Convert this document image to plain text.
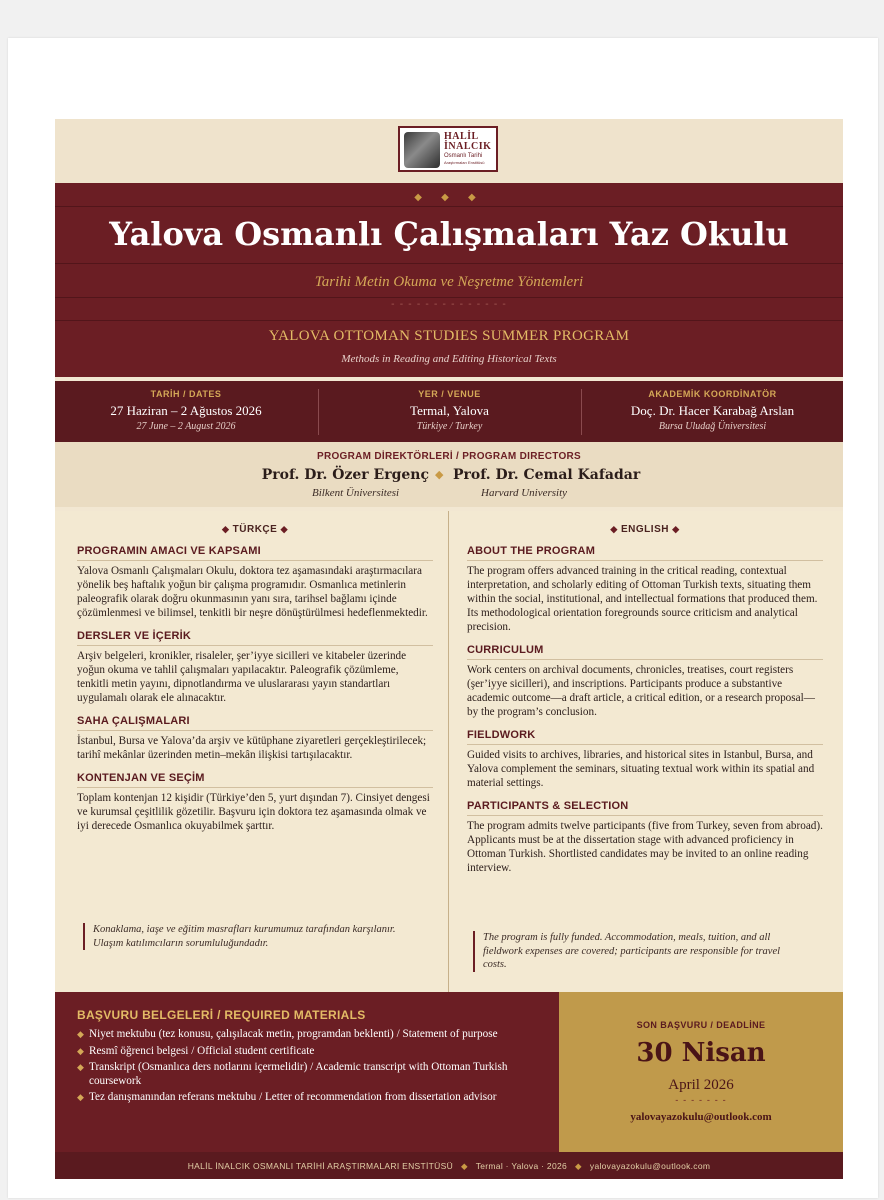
HALİL
İNALCIK
Osmanlı Tarihi
Araştırmaları Enstitüsü
◆ ◆ ◆
Yalova Osmanlı Çalışmaları Yaz Okulu
Tarihi Metin Okuma ve Neşretme Yöntemleri
- - - - - - - - - - - - - -
YALOVA OTTOMAN STUDIES SUMMER PROGRAM
Methods in Reading and Editing Historical Texts
TARİH / DATES
27 Haziran – 2 Ağustos 2026
27 June – 2 August 2026
YER / VENUE
Termal, Yalova
Türkiye / Turkey
AKADEMİK KOORDİNATÖR
Doç. Dr. Hacer Karabağ Arslan
Bursa Uludağ Üniversitesi
PROGRAM DİREKTÖRLERİ / PROGRAM DIRECTORS
Prof. Dr. Özer Ergenç ◆ Prof. Dr. Cemal Kafadar
Bilkent Üniversitesi	Harvard University
◆ TÜRKÇE ◆
PROGRAMIN AMACI VE KAPSAMI
Yalova Osmanlı Çalışmaları Okulu, doktora tez aşamasındaki araştırmacılara yönelik beş haftalık yoğun bir çalışma programıdır. Osmanlıca metinlerin paleografik olarak doğru okunmasının yanı sıra, tarihsel bağlamı içinde çözümlenmesi ve bilimsel, tenkitli bir neşre dönüştürülmesi hedeflenmektedir.
DERSLER VE İÇERİK
Arşiv belgeleri, kronikler, risaleler, şer’iyye sicilleri ve kitabeler üzerinde yoğun okuma ve tahlil çalışmaları yapılacaktır. Paleografik çözümleme, tenkitli metin yayını, dipnotlandırma ve uluslararası yayın standartları uygulamalı olarak ele alınacaktır.
SAHA ÇALIŞMALARI
İstanbul, Bursa ve Yalova’da arşiv ve kütüphane ziyaretleri gerçekleştirilecek; tarihî mekânlar üzerinden metin–mekân ilişkisi tartışılacaktır.
KONTENJAN VE SEÇİM
Toplam kontenjan 12 kişidir (Türkiye’den 5, yurt dışından 7). Cinsiyet dengesi ve kurumsal çeşitlilik gözetilir. Başvuru için doktora tez aşamasında olmak ve iyi derecede Osmanlıca okuyabilmek şarttır.
Konaklama, iaşe ve eğitim masrafları kurumumuz tarafından karşılanır. Ulaşım katılımcıların sorumluluğundadır.
◆ ENGLISH ◆
ABOUT THE PROGRAM
The program offers advanced training in the critical reading, contextual interpretation, and scholarly editing of Ottoman Turkish texts, situating them within the social, institutional, and intellectual formations that produced them. Its methodological orientation foregrounds source criticism and analytical precision.
CURRICULUM
Work centers on archival documents, chronicles, treatises, court registers (şer’iyye sicilleri), and inscriptions. Participants produce a substantive academic outcome—a draft article, a critical edition, or a research proposal—by the program’s conclusion.
FIELDWORK
Guided visits to archives, libraries, and historical sites in Istanbul, Bursa, and Yalova complement the seminars, situating textual work within its spatial and material settings.
PARTICIPANTS & SELECTION
The program admits twelve participants (five from Turkey, seven from abroad). Applicants must be at the dissertation stage with advanced proficiency in Ottoman Turkish. Shortlisted candidates may be invited to an online reading interview.
The program is fully funded. Accommodation, meals, tuition, and all fieldwork expenses are covered; participants are responsible for travel costs.
BAŞVURU BELGELERİ / REQUIRED MATERIALS
◆ Niyet mektubu (tez konusu, çalışılacak metin, programdan beklenti) / Statement of purpose
◆ Resmî öğrenci belgesi / Official student certificate
◆ Transkript (Osmanlıca ders notlarını içermelidir) / Academic transcript with Ottoman Turkish coursework
◆ Tez danışmanından referans mektubu / Letter of recommendation from dissertation advisor
SON BAŞVURU / DEADLİNE
30 Nisan
April 2026
- - - - - - -
yalovayazokulu@outlook.com
HALİL İNALCIK OSMANLI TARİHİ ARAŞTIRMALARI ENSTİTÜSÜ ◆ Termal · Yalova · 2026 ◆ yalovayazokulu@outlook.com
